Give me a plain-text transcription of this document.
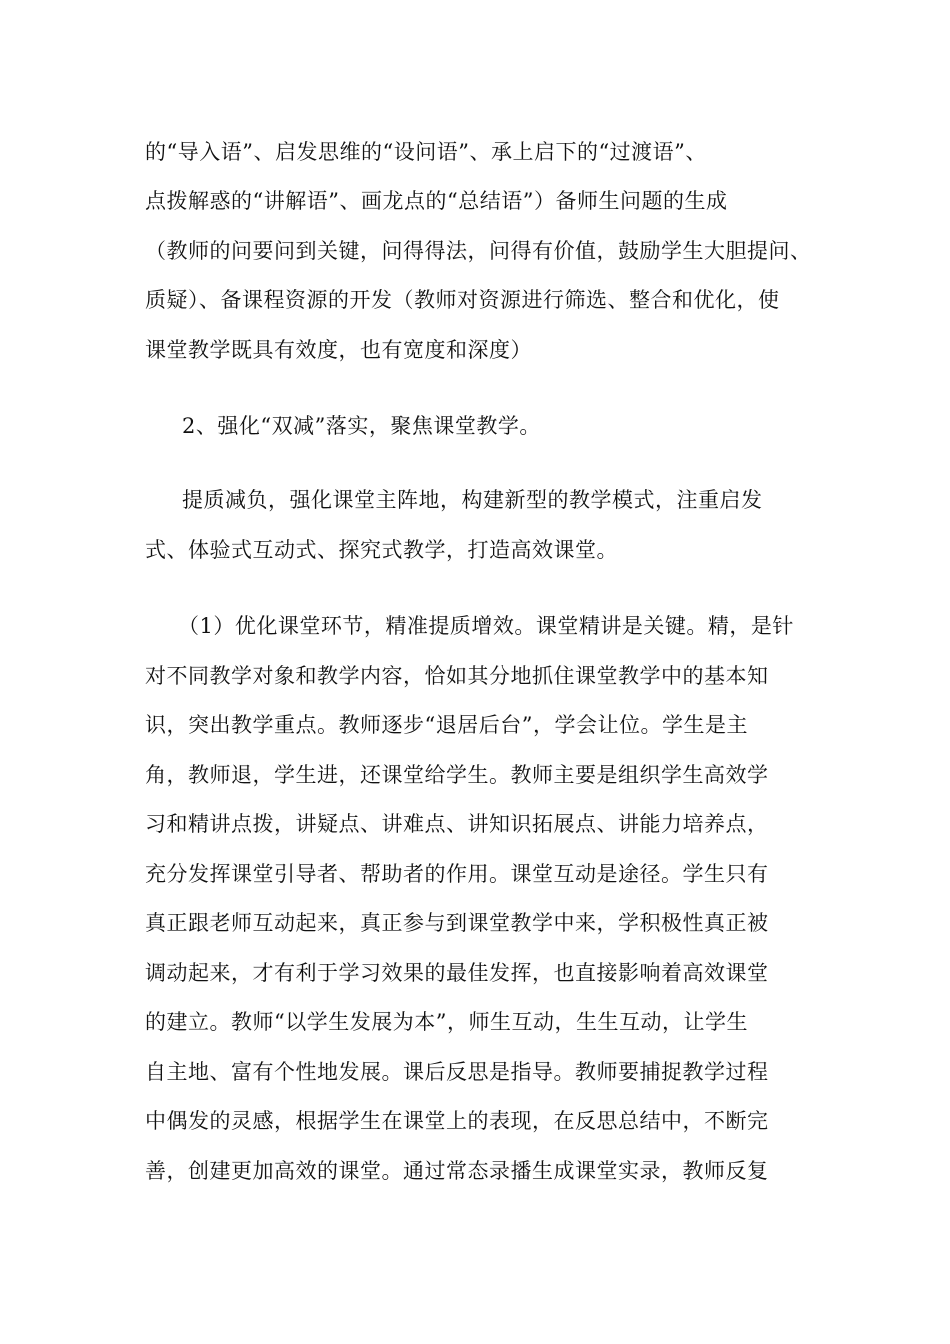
的“导入语”、启发思维的“设问语”、承上启下的“过渡语”、
点拨解惑的“讲解语”、画龙点的“总结语”）备师生问题的生成
（教师的问要问到关键，问得得法，问得有价值，鼓励学生大胆提问、
质疑）、备课程资源的开发（教师对资源进行筛选、整合和优化，使
课堂教学既具有效度，也有宽度和深度）
2、强化“双减”落实，聚焦课堂教学。
提质减负，强化课堂主阵地，构建新型的教学模式，注重启发
式、体验式互动式、探究式教学，打造高效课堂。
（1）优化课堂环节，精准提质增效。课堂精讲是关键。精，是针
对不同教学对象和教学内容，恰如其分地抓住课堂教学中的基本知
识，突出教学重点。教师逐步“退居后台”，学会让位。学生是主
角，教师退，学生进，还课堂给学生。教师主要是组织学生高效学
习和精讲点拨，讲疑点、讲难点、讲知识拓展点、讲能力培养点，
充分发挥课堂引导者、帮助者的作用。课堂互动是途径。学生只有
真正跟老师互动起来，真正参与到课堂教学中来，学积极性真正被
调动起来，才有利于学习效果的最佳发挥，也直接影响着高效课堂
的建立。教师“以学生发展为本”，师生互动，生生互动，让学生
自主地、富有个性地发展。课后反思是指导。教师要捕捉教学过程
中偶发的灵感，根据学生在课堂上的表现，在反思总结中，不断完
善，创建更加高效的课堂。通过常态录播生成课堂实录，教师反复
